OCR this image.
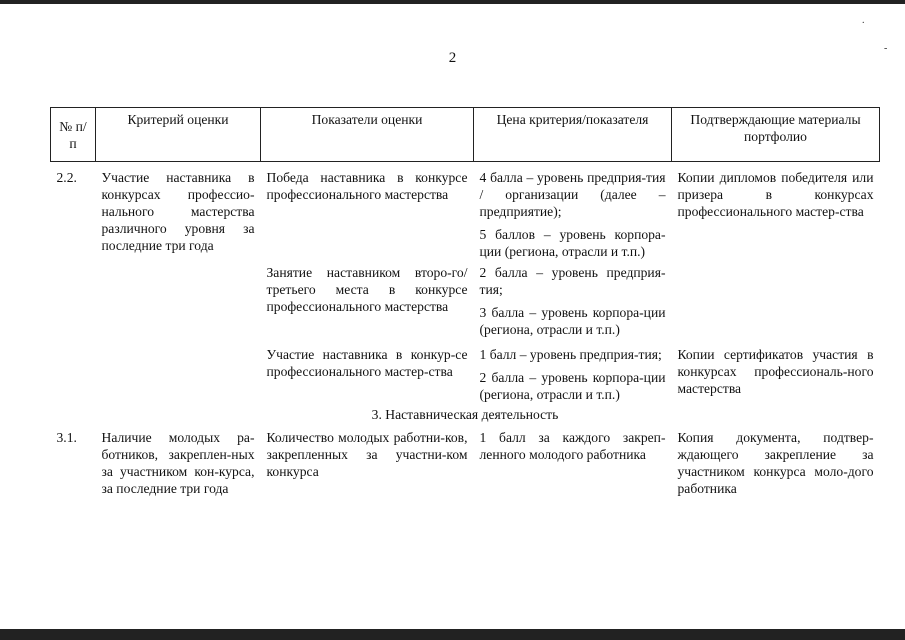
.
-
2
№ п/п	Критерий оценки	Показатели оценки	Цена критерия/показателя	Подтверждающие материалы портфолио
2.2.	Участие наставника в конкурсах профессио-нального мастерства различного уровня за последние три года	Победа наставника в конкурсе профессионального мастерства	4 балла – уровень предприя-тия / организации (далее – предприятие);

5 баллов – уровень корпора-ции (региона, отрасли и т.п.)	Копии дипломов победителя или призера в конкурсах профессионального мастер-ства
		Занятие наставником второ-го/третьего места в конкурсе профессионального мастерства	2 балла – уровень предприя-тия;

3 балла – уровень корпора-ции (региона, отрасли и т.п.)	

		Участие наставника в конкур-се профессионального мастер-ства	1 балл – уровень предприя-тия;

2 балла – уровень корпора-ции (региона, отрасли и т.п.)	Копии сертификатов участия в конкурсах профессиональ-ного мастерства
3. Наставническая деятельность				
3.1.	Наличие молодых ра-ботников, закреплен-ных за участником кон-курса, за последние три года	Количество молодых работни-ков, закрепленных за участни-ком конкурса	1 балл за каждого закреп-ленного молодого работника	Копия документа, подтвер-ждающего закрепление за участником конкурса моло-дого работника
